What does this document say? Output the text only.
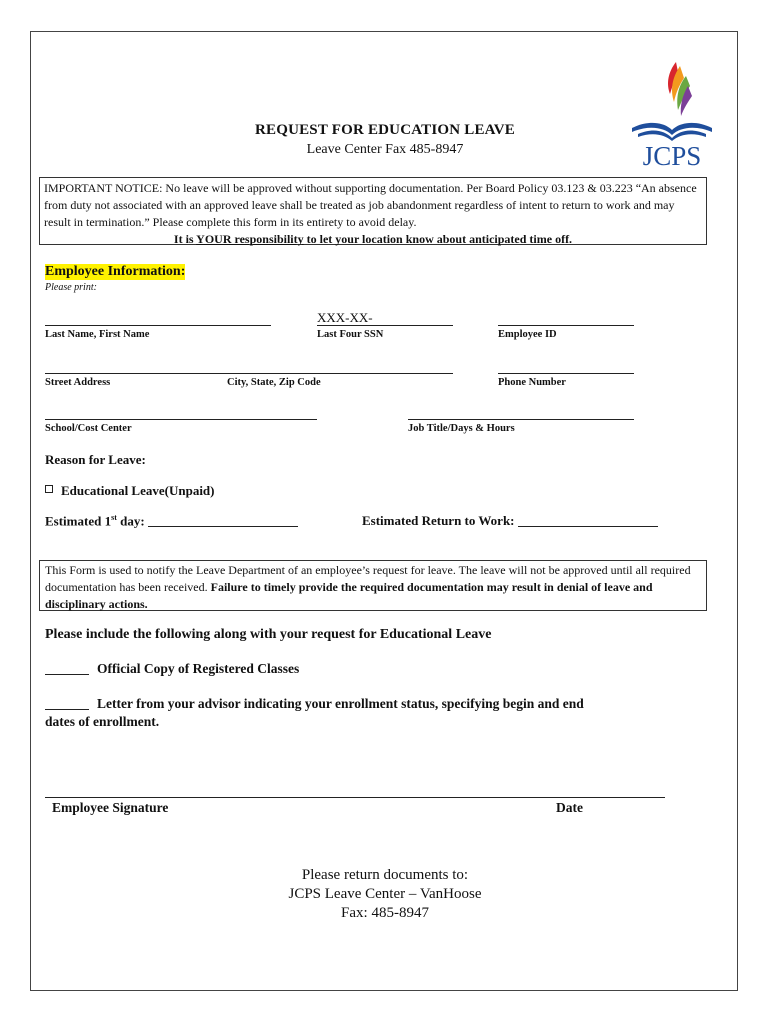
REQUEST FOR EDUCATION LEAVE
Leave Center Fax 485-8947	JCPS
IMPORTANT NOTICE: No leave will be approved without supporting documentation. Per Board Policy 03.123 & 03.223 “An absence from duty not associated with an approved leave shall be treated as job abandonment regardless of intent to return to work and may result in termination.” Please complete this form in its entirety to avoid delay.
It is YOUR responsibility to let your location know about anticipated time off.
Employee Information:
Please print:
XXX-XX-
Last Name, First Name	Last Four SSN	Employee ID
Street Address	City, State, Zip Code	Phone Number
School/Cost Center	Job Title/Days & Hours
Reason for Leave:
Educational Leave(Unpaid)
Estimated 1st day:	Estimated Return to Work:
This Form is used to notify the Leave Department of an employee’s request for leave. The leave will not be approved until all required documentation has been received. Failure to timely provide the required documentation may result in denial of leave and disciplinary actions.
Please include the following along with your request for Educational Leave
Official Copy of Registered Classes
Letter from your advisor indicating your enrollment status, specifying begin and end
dates of enrollment.
Employee Signature	Date
Please return documents to:
JCPS Leave Center – VanHoose
Fax: 485-8947
